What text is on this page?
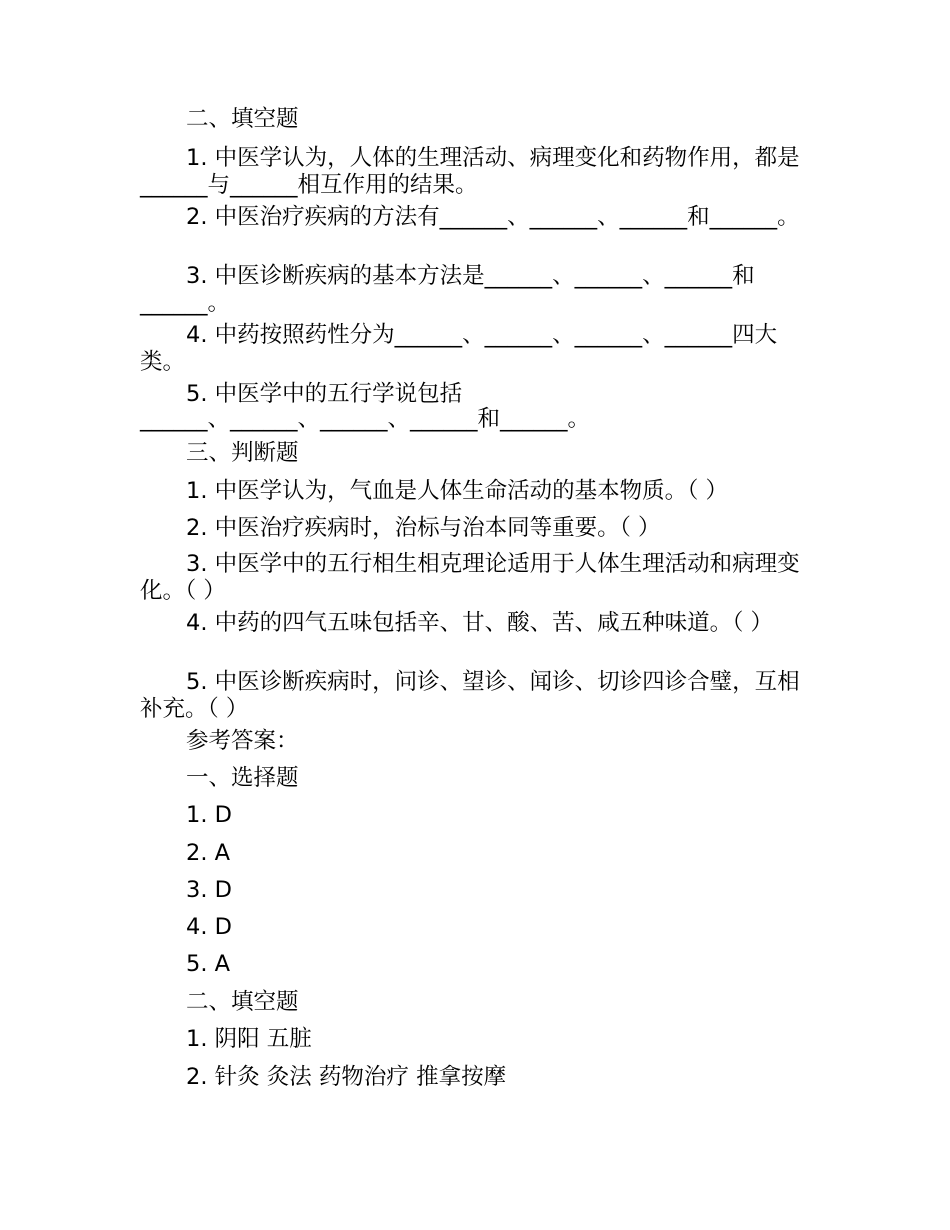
二、填空题

1. 中医学认为，人体的生理活动、病理变化和药物作用，都是______与______相互作用的结果。

2. 中医治疗疾病的方法有______、______、______和______。

3. 中医诊断疾病的基本方法是______、______、______和______。

4. 中药按照药性分为______、______、______、______四大类。

5. 中医学中的五行学说包括

______、______、______、______和______。

三、判断题

1. 中医学认为，气血是人体生命活动的基本物质。（ ）

2. 中医治疗疾病时，治标与治本同等重要。（ ）

3. 中医学中的五行相生相克理论适用于人体生理活动和病理变化。（ ）

4. 中药的四气五味包括辛、甘、酸、苦、咸五种味道。（ ）

5. 中医诊断疾病时，问诊、望诊、闻诊、切诊四诊合璧，互相补充。（ ）

参考答案：

一、选择题

1. D

2. A

3. D

4. D

5. A

二、填空题

1. 阴阳 五脏

2. 针灸 灸法 药物治疗 推拿按摩
